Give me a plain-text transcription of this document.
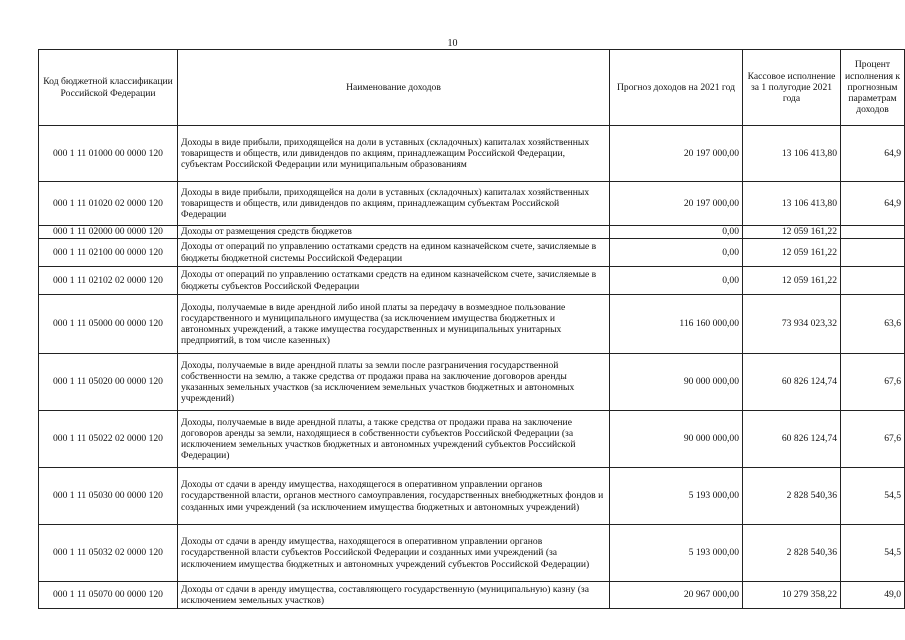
10
Код бюджетной классификации Российской Федерации	Наименование доходов	Прогноз доходов на 2021 год	Кассовое исполнение за 1 полугодие 2021 года	Процент исполнения к прогнозным параметрам доходов
000 1 11 01000 00 0000 120	Доходы в виде прибыли, приходящейся на доли в уставных (складочных) капиталах хозяйственных товариществ и обществ, или дивидендов по акциям, принадлежащим Российской Федерации, субъектам Российской Федерации или муниципальным образованиям	20 197 000,00	13 106 413,80	64,9
000 1 11 01020 02 0000 120	Доходы в виде прибыли, приходящейся на доли в уставных (складочных) капиталах хозяйственных товариществ и обществ, или дивидендов по акциям, принадлежащим субъектам Российской Федерации	20 197 000,00	13 106 413,80	64,9
000 1 11 02000 00 0000 120	Доходы от размещения средств бюджетов	0,00	12 059 161,22	
000 1 11 02100 00 0000 120	Доходы от операций по управлению остатками средств на едином казначейском счете, зачисляемые в бюджеты бюджетной системы Российской Федерации	0,00	12 059 161,22	
000 1 11 02102 02 0000 120	Доходы от операций по управлению остатками средств на едином казначейском счете, зачисляемые в бюджеты субъектов Российской Федерации	0,00	12 059 161,22	
000 1 11 05000 00 0000 120	Доходы, получаемые в виде арендной либо иной платы за передачу в возмездное пользование государственного и муниципального имущества (за исключением имущества бюджетных и автономных учреждений, а также имущества государственных и муниципальных унитарных предприятий, в том числе казенных)	116 160 000,00	73 934 023,32	63,6
000 1 11 05020 00 0000 120	Доходы, получаемые в виде арендной платы за земли после разграничения государственной собственности на землю, а также средства от продажи права на заключение договоров аренды указанных земельных участков (за исключением земельных участков бюджетных и автономных учреждений)	90 000 000,00	60 826 124,74	67,6
000 1 11 05022 02 0000 120	Доходы, получаемые в виде арендной платы, а также средства от продажи права на заключение договоров аренды за земли, находящиеся в собственности субъектов Российской Федерации (за исключением земельных участков бюджетных и автономных учреждений субъектов Российской Федерации)	90 000 000,00	60 826 124,74	67,6
000 1 11 05030 00 0000 120	Доходы от сдачи в аренду имущества, находящегося в оперативном управлении органов государственной власти, органов местного самоуправления, государственных внебюджетных фондов и созданных ими учреждений (за исключением имущества бюджетных и автономных учреждений)	5 193 000,00	2 828 540,36	54,5
000 1 11 05032 02 0000 120	Доходы от сдачи в аренду имущества, находящегося в оперативном управлении органов государственной власти субъектов Российской Федерации и созданных ими учреждений (за исключением имущества бюджетных и автономных учреждений субъектов Российской Федерации)	5 193 000,00	2 828 540,36	54,5
000 1 11 05070 00 0000 120	Доходы от сдачи в аренду имущества, составляющего государственную (муниципальную) казну (за исключением земельных участков)	20 967 000,00	10 279 358,22	49,0
